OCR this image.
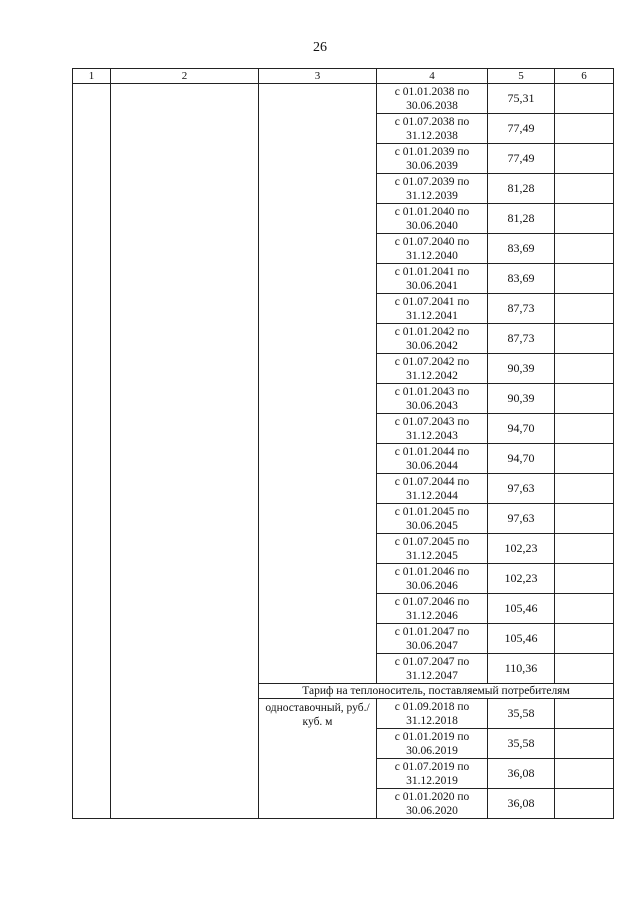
26
1	2	3	4	5	6

			с 01.01.2038 по 30.06.2038	75,31	

			с 01.07.2038 по 31.12.2038	77,49	

			с 01.01.2039 по 30.06.2039	77,49	

			с 01.07.2039 по 31.12.2039	81,28	

			с 01.01.2040 по 30.06.2040	81,28	

			с 01.07.2040 по 31.12.2040	83,69	

			с 01.01.2041 по 30.06.2041	83,69	

			с 01.07.2041 по 31.12.2041	87,73	

			с 01.01.2042 по 30.06.2042	87,73	

			с 01.07.2042 по 31.12.2042	90,39	

			с 01.01.2043 по 30.06.2043	90,39	

			с 01.07.2043 по 31.12.2043	94,70	

			с 01.01.2044 по 30.06.2044	94,70	

			с 01.07.2044 по 31.12.2044	97,63	

			с 01.01.2045 по 30.06.2045	97,63	

			с 01.07.2045 по 31.12.2045	102,23	

			с 01.01.2046 по 30.06.2046	102,23	

			с 01.07.2046 по 31.12.2046	105,46	

			с 01.01.2047 по 30.06.2047	105,46	

			с 01.07.2047 по 31.12.2047	110,36	
		Тариф на теплоноситель, поставляемый потребителям			
		одноставочный, руб./куб. м	с 01.09.2018 по 31.12.2018	35,58	

			с 01.01.2019 по 30.06.2019	35,58	

			с 01.07.2019 по 31.12.2019	36,08	

			с 01.01.2020 по 30.06.2020	36,08	
